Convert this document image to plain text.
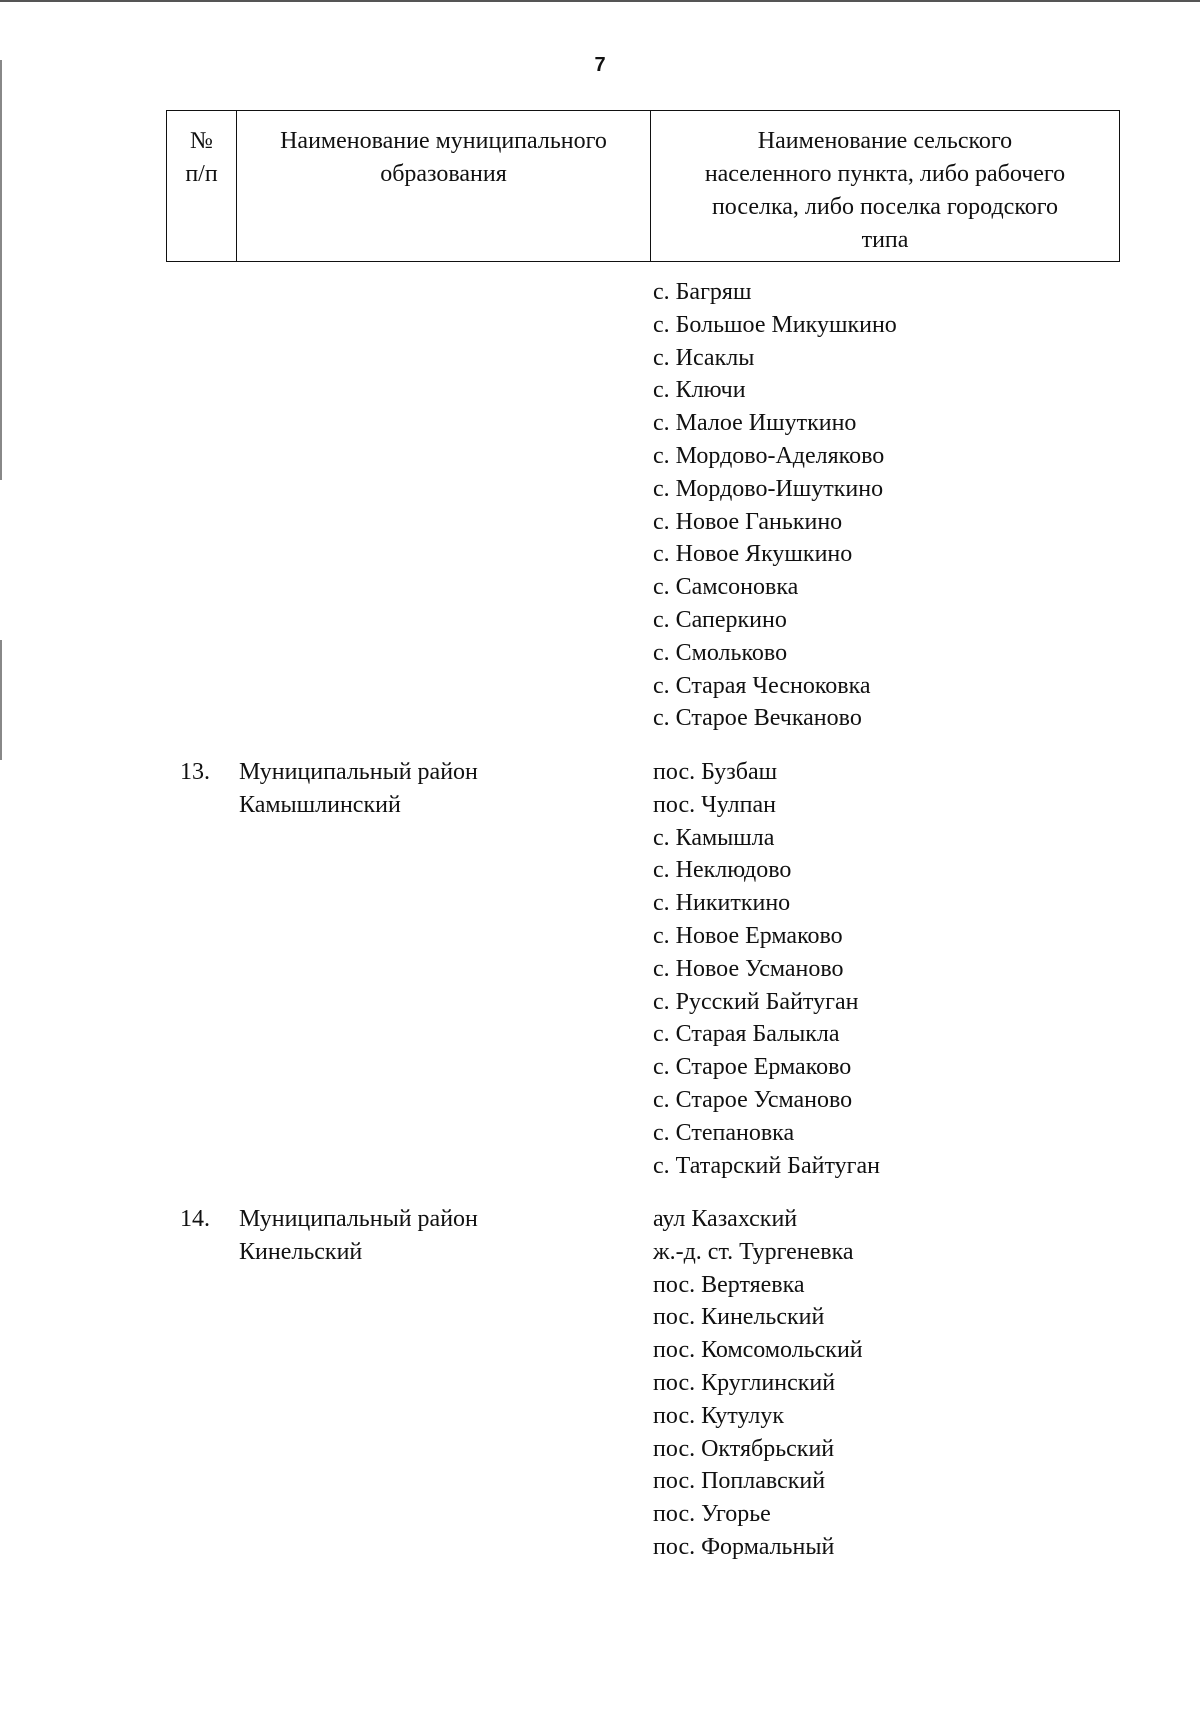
7
№
п/п
Наименование муниципального
образования
Наименование сельского
населенного пункта, либо рабочего
поселка, либо поселка городского
типа
с. Багряш
с. Большое Микушкино
с. Исаклы
с. Ключи
с. Малое Ишуткино
с. Мордово-Аделяково
с. Мордово-Ишуткино
с. Новое Ганькино
с. Новое Якушкино
с. Самсоновка
с. Саперкино
с. Смольково
с. Старая Чесноковка
с. Старое Вечканово
13. Муниципальный район
Камышлинский
пос. Бузбаш
пос. Чулпан
с. Камышла
с. Неклюдово
с. Никиткино
с. Новое Ермаково
с. Новое Усманово
с. Русский Байтуган
с. Старая Балыкла
с. Старое Ермаково
с. Старое Усманово
с. Степановка
с. Татарский Байтуган
14. Муниципальный район
Кинельский
аул Казахский
ж.-д. ст. Тургеневка
пос. Вертяевка
пос. Кинельский
пос. Комсомольский
пос. Круглинский
пос. Кутулук
пос. Октябрьский
пос. Поплавский
пос. Угорье
пос. Формальный
